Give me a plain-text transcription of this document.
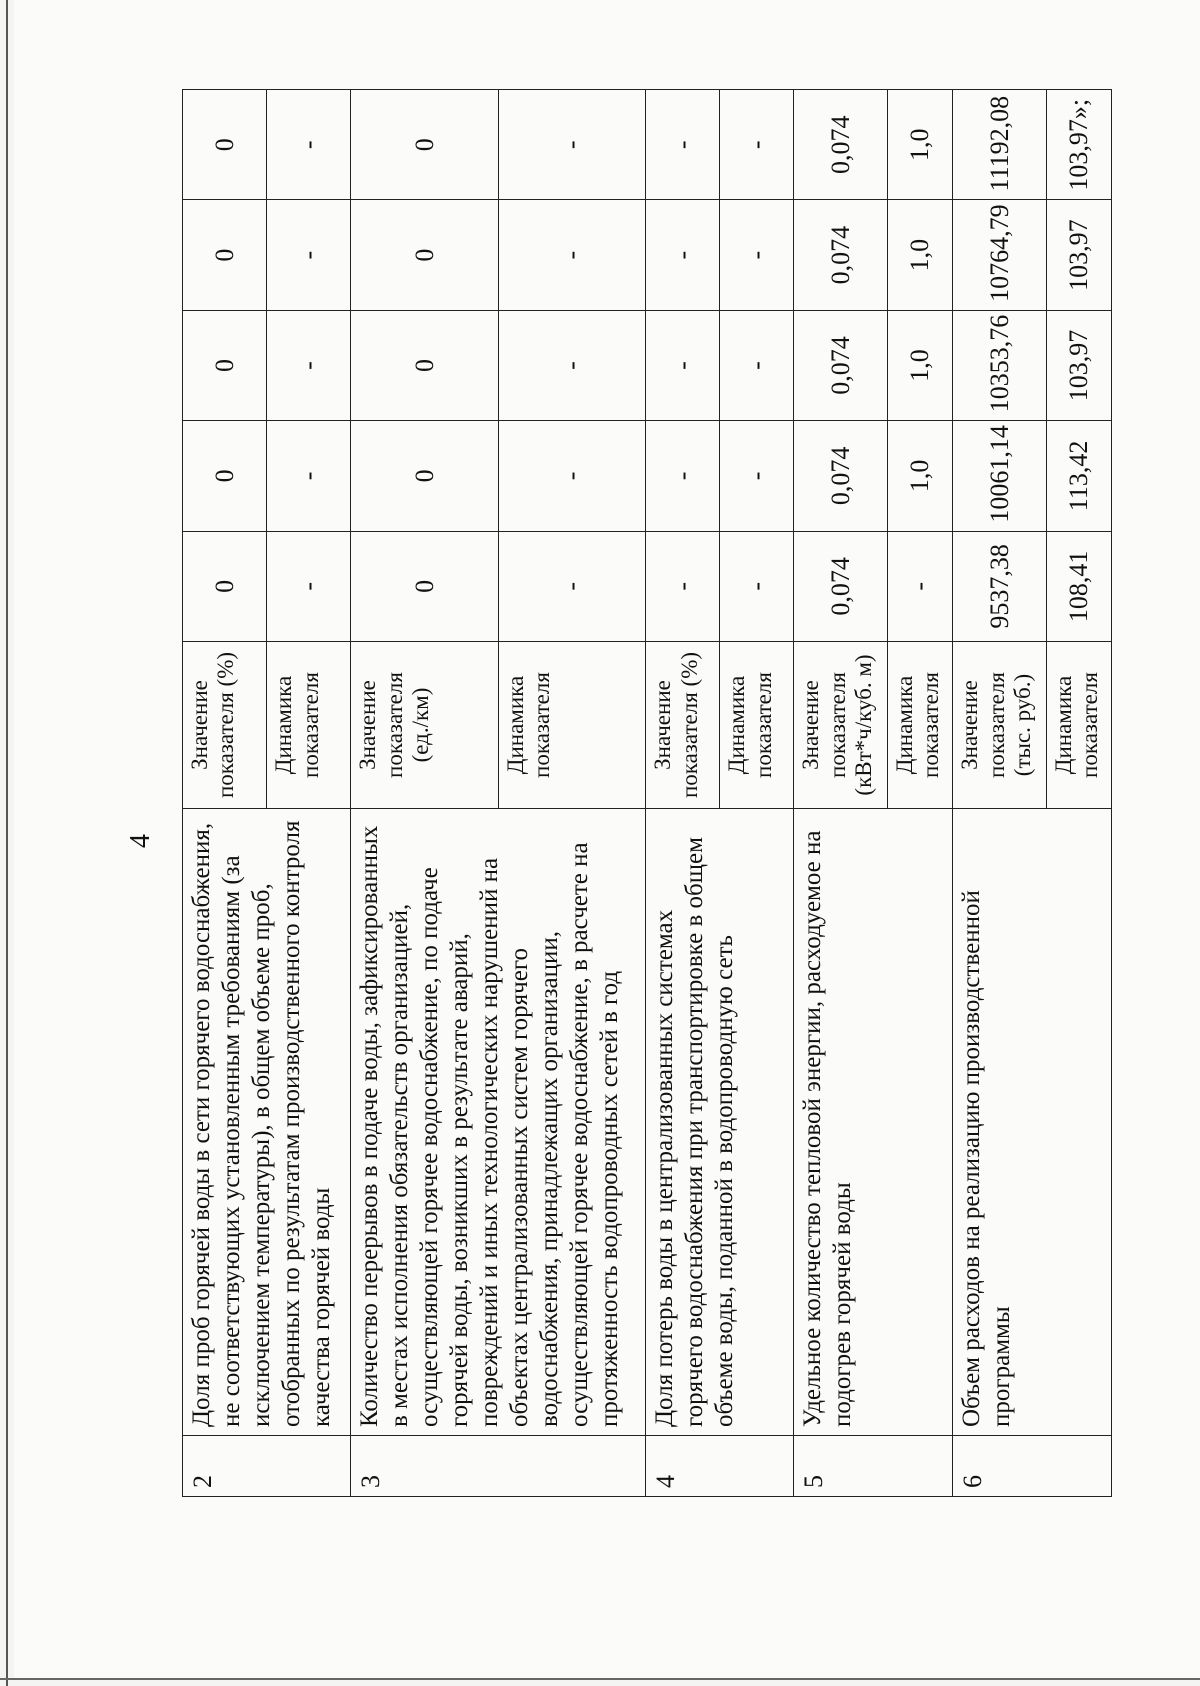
4
2	Доля проб горячей воды в сети горячего водоснабжения, не соответствующих установленным требованиям (за исключением температуры), в общем объеме проб, отобранных по результатам производственного контроля качества горячей воды	Значение показателя (%)	0	0	0	0	0
		Динамика показателя	-	-	-	-	-
3	Количество перерывов в подаче воды, зафиксированных в местах исполнения обязательств организацией, осуществляющей горячее водоснабжение, по подаче горячей воды, возникших в результате аварий, повреждений и иных технологических нарушений на объектах централизованных систем горячего водоснабжения, принадлежащих организации, осуществляющей горячее водоснабжение, в расчете на протяженность водопроводных сетей в год	Значение показателя (ед./км)	0	0	0	0	0
		Динамика показателя	-	-	-	-	-
4	Доля потерь воды в централизованных системах горячего водоснабжения при транспортировке в общем объеме воды, поданной в водопроводную сеть	Значение показателя (%)	-	-	-	-	-
		Динамика показателя	-	-	-	-	-
5	Удельное количество тепловой энергии, расходуемое на подогрев горячей воды	Значение показателя (кВт*ч/куб. м)	0,074	0,074	0,074	0,074	0,074
		Динамика показателя	-	1,0	1,0	1,0	1,0
6	Объем расходов на реализацию производственной программы	Значение показателя (тыс. руб.)	9537,38	10061,14	10353,76	10764,79	11192,08
		Динамика показателя	108,41	113,42	103,97	103,97	103,97»;
